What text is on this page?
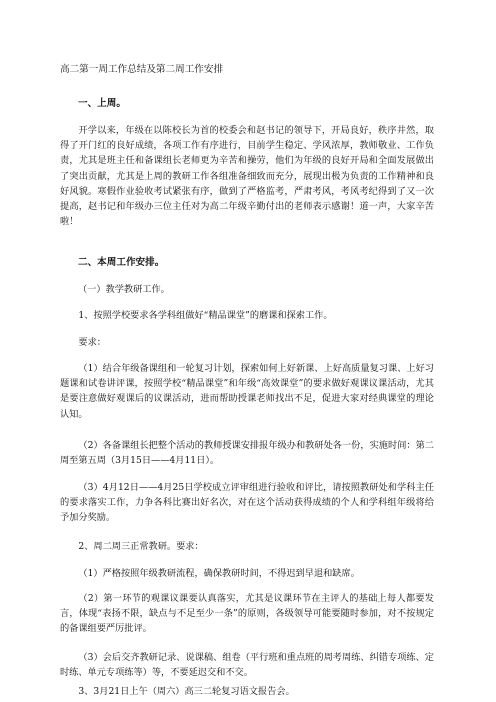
高二第一周工作总结及第二周工作安排
一、上周。
开学以来，年级在以陈校长为首的校委会和赵书记的领导下，开局良好，秩序井然，取得了开门红的良好成绩，各项工作有序进行，目前学生稳定、学风浓厚，教师敬业、工作负责，尤其是班主任和备课组长老师更为辛苦和操劳，他们为年级的良好开局和全面发展做出了突出贡献，尤其是上周的教研工作各组准备细致而充分，展现出极为负责的工作精神和良好风貌。寒假作业验收考试紧张有序，做到了严格监考，严肃考风，考风考纪得到了又一次提高，赵书记和年级办三位主任对为高二年级辛勤付出的老师表示感谢！道一声，大家辛苦啦！
二、本周工作安排。
（一）教学教研工作。
1、按照学校要求各学科组做好“精品课堂”的磨课和探索工作。
要求：
（1）结合年级备课组和一轮复习计划，探索如何上好新课、上好高质量复习课、上好习题课和试卷讲评课，按照学校“精品课堂”和年级“高效课堂”的要求做好观课议课活动，尤其是要注意做好观课后的议课活动，进而帮助授课老师找出不足，促进大家对经典课堂的理论认知。
（2）各备课组长把整个活动的教师授课安排报年级办和教研处各一份，实施时间：第二周至第五周（3月15日——4月11日）。
（3）4月12日——4月25日学校成立评审组进行验收和评比，请按照教研处和学科主任的要求落实工作，力争各科比赛出好名次，对在这个活动获得成绩的个人和学科组年级将给予加分奖励。
2、周二周三正常教研。要求：
（1）严格按照年级教研流程，确保教研时间，不得迟到早退和缺席。
（2）第一环节的观课议课要认真落实，尤其是议课环节在主评人的基础上每人都要发言，体现“表扬不限，缺点与不足至少一条”的原则，各级领导可能要随时参加，对不按规定的备课组要严厉批评。
（3）会后交齐教研记录、说课稿、组卷（平行班和重点班的周考周练、纠错专项练、定时练、单元专项练等）等，不要延迟交和不交。
3、3月21日上午（周六）高三二轮复习语文报告会。
